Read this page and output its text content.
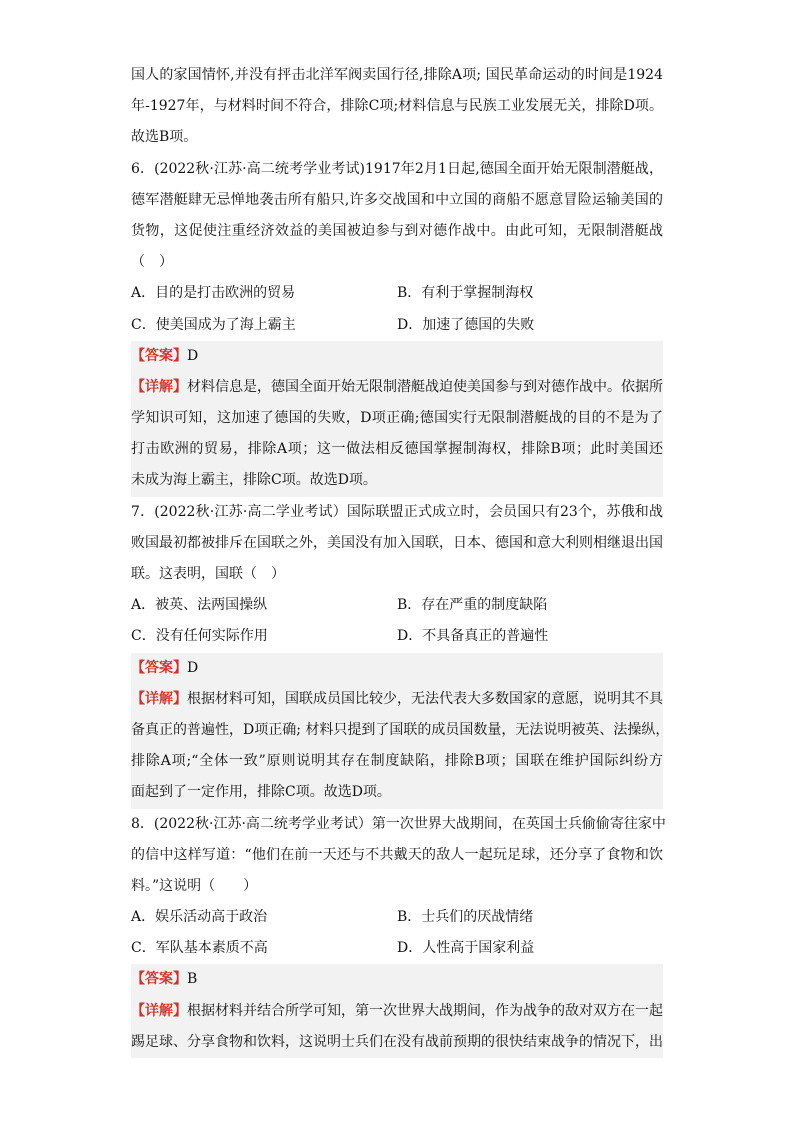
国人的家国情怀,并没有抨击北洋军阀卖国行径,排除A项; 国民革命运动的时间是1924
年-1927年，与材料时间不符合，排除C项;材料信息与民族工业发展无关，排除D项。
故选B项。
6．(2022秋·江苏·高二统考学业考试)1917年2月1日起,德国全面开始无限制潜艇战，
德军潜艇肆无忌惮地袭击所有船只,许多交战国和中立国的商船不愿意冒险运输美国的
货物，这促使注重经济效益的美国被迫参与到对德作战中。由此可知，无限制潜艇战
（　）
A．目的是打击欧洲的贸易	B．有利于掌握制海权
C．使美国成为了海上霸主	D．加速了德国的失败
【答案】D
【详解】材料信息是，德国全面开始无限制潜艇战迫使美国参与到对德作战中。依据所
学知识可知，这加速了德国的失败，D项正确;德国实行无限制潜艇战的目的不是为了
打击欧洲的贸易，排除A项；这一做法相反德国掌握制海权，排除B项；此时美国还
未成为海上霸主，排除C项。故选D项。
7．(2022秋·江苏·高二学业考试）国际联盟正式成立时，会员国只有23个，苏俄和战
败国最初都被排斥在国联之外，美国没有加入国联，日本、德国和意大利则相继退出国
联。这表明，国联（　）
A．被英、法两国操纵	B．存在严重的制度缺陷
C．没有任何实际作用	D．不具备真正的普遍性
【答案】D
【详解】根据材料可知，国联成员国比较少，无法代表大多数国家的意愿，说明其不具
备真正的普遍性，D项正确; 材料只提到了国联的成员国数量，无法说明被英、法操纵，
排除A项;“全体一致”原则说明其存在制度缺陷，排除B项；国联在维护国际纠纷方
面起到了一定作用，排除C项。故选D项。
8．(2022秋·江苏·高二统考学业考试）第一次世界大战期间，在英国士兵偷偷寄往家中
的信中这样写道：“他们在前一天还与不共戴天的敌人一起玩足球，还分享了食物和饮
料。”这说明（　　）
A．娱乐活动高于政治	B．士兵们的厌战情绪
C．军队基本素质不高	D．人性高于国家利益
【答案】B
【详解】根据材料并结合所学可知，第一次世界大战期间，作为战争的敌对双方在一起
踢足球、分享食物和饮料，这说明士兵们在没有战前预期的很快结束战争的情况下，出
